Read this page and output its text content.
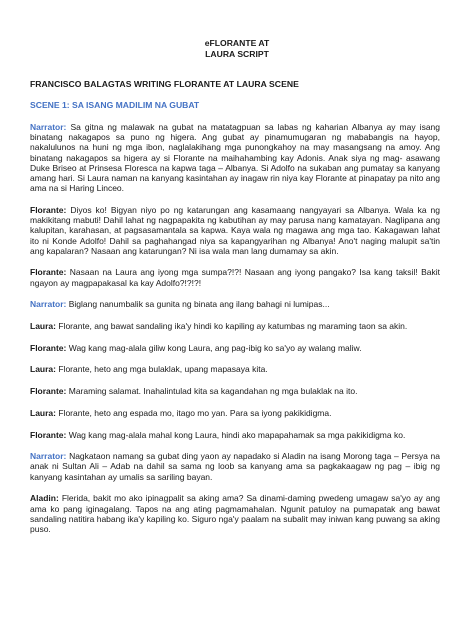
eFLORANTE AT
LAURA SCRIPT
FRANCISCO BALAGTAS WRITING FLORANTE AT LAURA SCENE
SCENE 1: SA ISANG MADILIM NA GUBAT

Narrator: Sa gitna ng malawak na gubat na matatagpuan sa labas ng kaharian Albanya ay may isang binatang nakagapos sa puno ng higera. Ang gubat ay pinamumugaran ng mababangis na hayop, nakalulunos na huni ng mga ibon, naglalakihang mga punongkahoy na may masangsang na amoy. Ang binatang nakagapos sa higera ay si Florante na maihahambing kay Adonis. Anak siya ng mag- asawang Duke Briseo at Prinsesa Floresca na kapwa taga – Albanya. Si Adolfo na sukaban ang pumatay sa kanyang amang hari. Si Laura naman na kanyang kasintahan ay inagaw rin niya kay Florante at pinapatay pa nito ang ama na si Haring Linceo.

Florante: Diyos ko! Bigyan niyo po ng katarungan ang kasamaang nangyayari sa Albanya. Wala ka ng makikitang mabuti! Dahil lahat ng nagpapakita ng kabutihan ay may parusa nang kamatayan. Naglipana ang kalupitan, karahasan, at pagsasamantala sa kapwa. Kaya wala ng magawa ang mga tao. Kakagawan lahat ito ni Konde Adolfo! Dahil sa paghahangad niya sa kapangyarihan ng Albanya! Ano't naging malupit sa'tin ang kapalaran? Nasaan ang katarungan? Ni isa wala man lang dumamay sa akin.

Florante: Nasaan na Laura ang iyong mga sumpa?!?! Nasaan ang iyong pangako? Isa kang taksil! Bakit ngayon ay magpapakasal ka kay Adolfo?!?!?!

Narrator: Biglang nanumbalik sa gunita ng binata ang ilang bahagi ni lumipas...

Laura: Florante, ang bawat sandaling ika'y hindi ko kapiling ay katumbas ng maraming taon sa akin.

Florante: Wag kang mag-alala giliw kong Laura, ang pag-ibig ko sa'yo ay walang maliw.

Laura: Florante, heto ang mga bulaklak, upang mapasaya kita.

Florante: Maraming salamat. Inahalintulad kita sa kagandahan ng mga bulaklak na ito.

Laura: Florante, heto ang espada mo, itago mo yan. Para sa iyong pakikidigma.

Florante: Wag kang mag-alala mahal kong Laura, hindi ako mapapahamak sa mga pakikidigma ko.

Narrator: Nagkataon namang sa gubat ding yaon ay napadako si Aladin na isang Morong taga – Persya na anak ni Sultan Ali – Adab na dahil sa sama ng loob sa kanyang ama sa pagkakaagaw ng pag – ibig ng kanyang kasintahan ay umalis sa sariling bayan.

Aladin: Flerida, bakit mo ako ipinagpalit sa aking ama? Sa dinami-daming pwedeng umagaw sa'yo ay ang ama ko pang iginagalang. Tapos na ang ating pagmamahalan. Ngunit patuloy na pumapatak ang bawat sandaling natitira habang ika'y kapiling ko. Siguro nga'y paalam na subalit may iniwan kang puwang sa aking puso.
